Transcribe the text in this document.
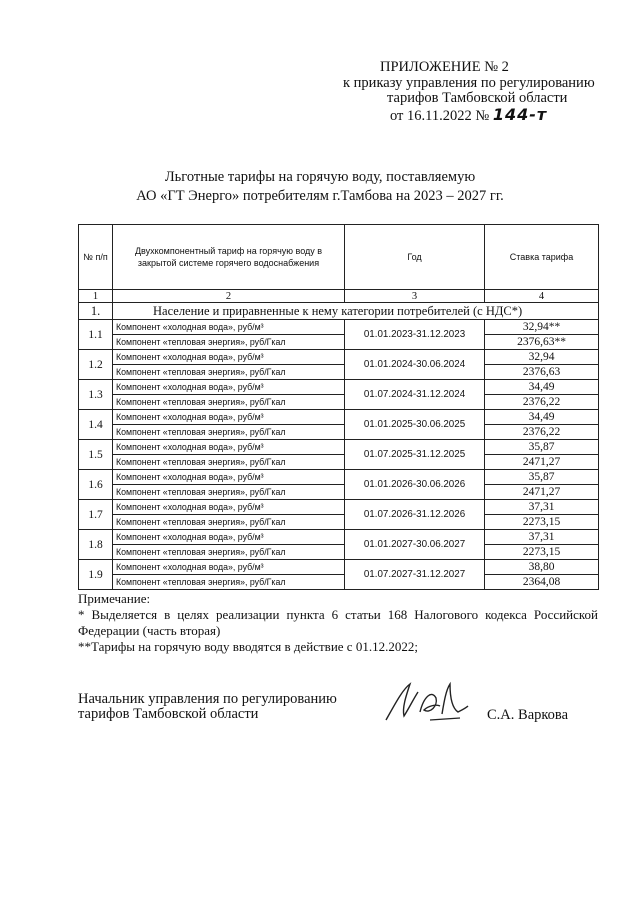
ПРИЛОЖЕНИЕ № 2
к приказу управления по регулированию
тарифов Тамбовской области
от 16.11.2022 № 144-т
Льготные тарифы на горячую воду, поставляемую
АО «ГТ Энерго» потребителям г.Тамбова на 2023 – 2027 гг.
№ п/п	Двухкомпонентный тариф на горячую воду в закрытой системе горячего водоснабжения	Год	Ставка тарифа
1	2	3	4
1.	Население и приравненные к нему категории потребителей (с НДС*)		
1.1	Компонент «холодная вода», руб/м³	01.01.2023-31.12.2023	32,94**
	Компонент «тепловая энергия», руб/Гкал		2376,63**
1.2	Компонент «холодная вода», руб/м³	01.01.2024-30.06.2024	32,94
	Компонент «тепловая энергия», руб/Гкал		2376,63
1.3	Компонент «холодная вода», руб/м³	01.07.2024-31.12.2024	34,49
	Компонент «тепловая энергия», руб/Гкал		2376,22
1.4	Компонент «холодная вода», руб/м³	01.01.2025-30.06.2025	34,49
	Компонент «тепловая энергия», руб/Гкал		2376,22
1.5	Компонент «холодная вода», руб/м³	01.07.2025-31.12.2025	35,87
	Компонент «тепловая энергия», руб/Гкал		2471,27
1.6	Компонент «холодная вода», руб/м³	01.01.2026-30.06.2026	35,87
	Компонент «тепловая энергия», руб/Гкал		2471,27
1.7	Компонент «холодная вода», руб/м³	01.07.2026-31.12.2026	37,31
	Компонент «тепловая энергия», руб/Гкал		2273,15
1.8	Компонент «холодная вода», руб/м³	01.01.2027-30.06.2027	37,31
	Компонент «тепловая энергия», руб/Гкал		2273,15
1.9	Компонент «холодная вода», руб/м³	01.07.2027-31.12.2027	38,80
	Компонент «тепловая энергия», руб/Гкал		2364,08

Примечание:

* Выделяется в целях реализации пункта 6 статьи 168 Налогового кодекса Российской Федерации (часть вторая)

**Тарифы на горячую воду вводятся в действие с 01.12.2022;

Начальник управления по регулированию
тарифов Тамбовской области	С.А. Варкова
